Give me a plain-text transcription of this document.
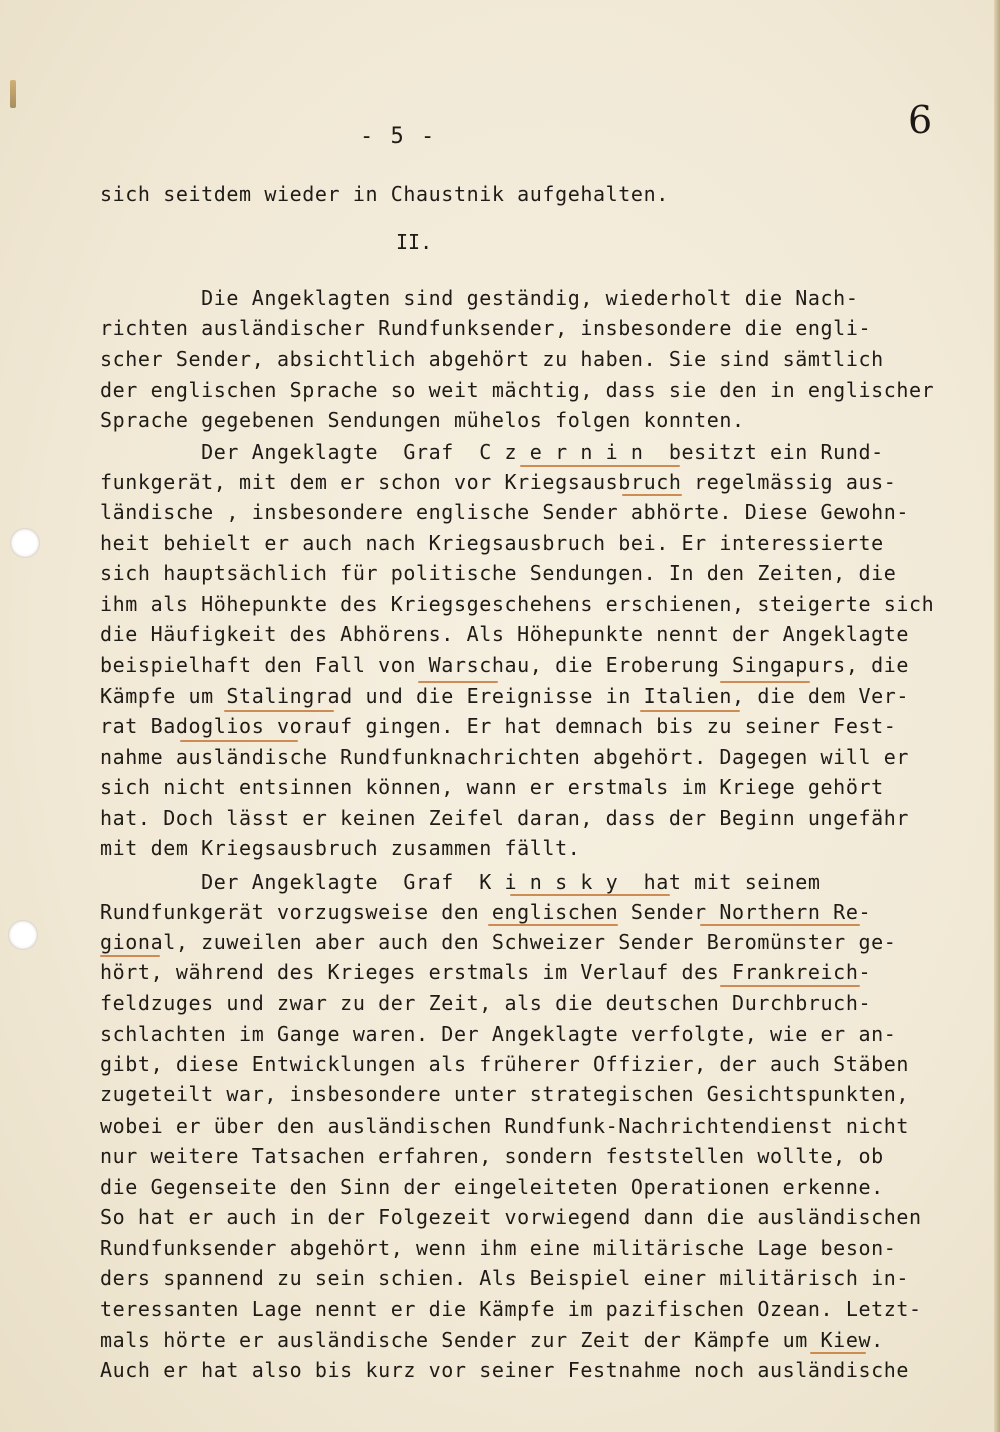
- 5 -	6
sich seitdem wieder in Chaustnik aufgehalten.
II.
Die Angeklagten sind geständig, wiederholt die Nach-
richten ausländischer Rundfunksender, insbesondere die engli-
scher Sender, absichtlich abgehört zu haben. Sie sind sämtlich
der englischen Sprache so weit mächtig, dass sie den in englischer
Sprache gegebenen Sendungen mühelos folgen konnten.
Der Angeklagte  Graf  C z e r n i n  besitzt ein Rund-
funkgerät, mit dem er schon vor Kriegsausbruch regelmässig aus-
ländische , insbesondere englische Sender abhörte. Diese Gewohn-
heit behielt er auch nach Kriegsausbruch bei. Er interessierte
sich hauptsächlich für politische Sendungen. In den Zeiten, die
ihm als Höhepunkte des Kriegsgeschehens erschienen, steigerte sich
die Häufigkeit des Abhörens. Als Höhepunkte nennt der Angeklagte
beispielhaft den Fall von Warschau, die Eroberung Singapurs, die
Kämpfe um Stalingrad und die Ereignisse in Italien, die dem Ver-
rat Badoglios vorauf gingen. Er hat demnach bis zu seiner Fest-
nahme ausländische Rundfunknachrichten abgehört. Dagegen will er
sich nicht entsinnen können, wann er erstmals im Kriege gehört
hat. Doch lässt er keinen Zeifel daran, dass der Beginn ungefähr
mit dem Kriegsausbruch zusammen fällt.
Der Angeklagte  Graf  K i n s k y  hat mit seinem
Rundfunkgerät vorzugsweise den englischen Sender Northern Re-
gional, zuweilen aber auch den Schweizer Sender Beromünster ge-
hört, während des Krieges erstmals im Verlauf des Frankreich-
feldzuges und zwar zu der Zeit, als die deutschen Durchbruch-
schlachten im Gange waren. Der Angeklagte verfolgte, wie er an-
gibt, diese Entwicklungen als früherer Offizier, der auch Stäben
zugeteilt war, insbesondere unter strategischen Gesichtspunkten,
wobei er über den ausländischen Rundfunk-Nachrichtendienst nicht
nur weitere Tatsachen erfahren, sondern feststellen wollte, ob
die Gegenseite den Sinn der eingeleiteten Operationen erkenne.
So hat er auch in der Folgezeit vorwiegend dann die ausländischen
Rundfunksender abgehört, wenn ihm eine militärische Lage beson-
ders spannend zu sein schien. Als Beispiel einer militärisch in-
teressanten Lage nennt er die Kämpfe im pazifischen Ozean. Letzt-
mals hörte er ausländische Sender zur Zeit der Kämpfe um Kiew.
Auch er hat also bis kurz vor seiner Festnahme noch ausländische
